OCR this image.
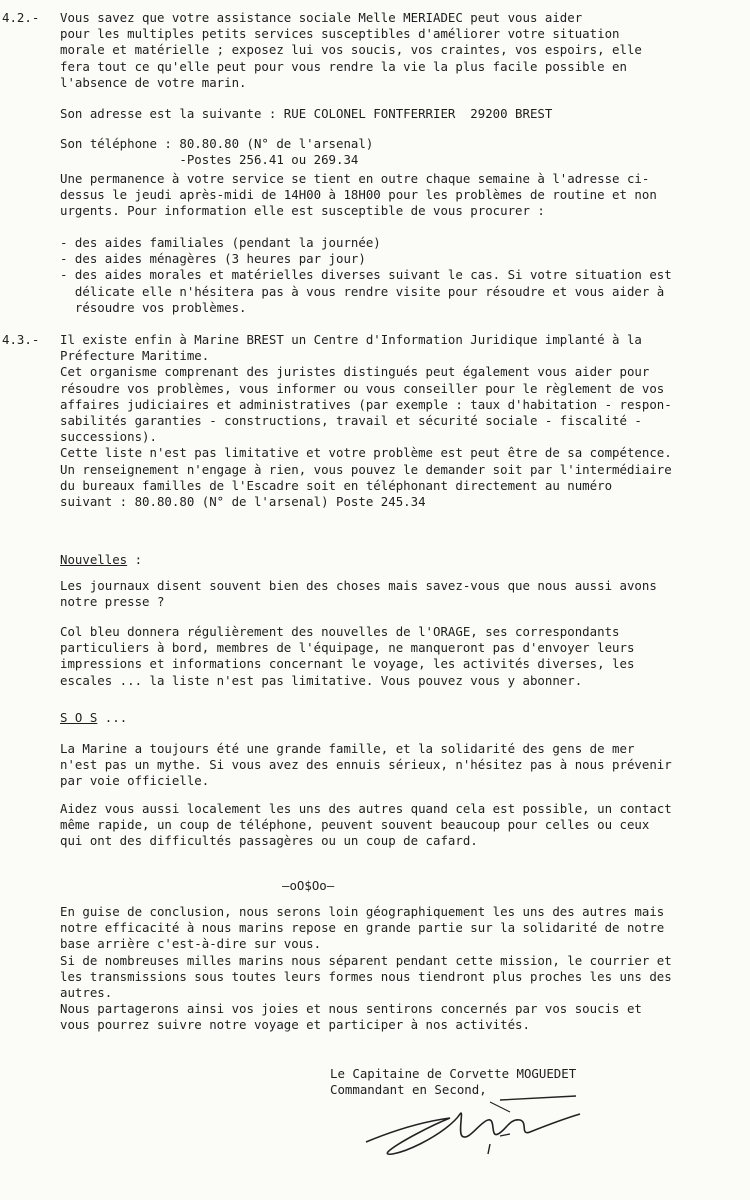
4.2.- Vous savez que votre assistance sociale Melle MERIADEC peut vous aider
pour les multiples petits services susceptibles d'améliorer votre situation
morale et matérielle ; exposez lui vos soucis, vos craintes, vos espoirs, elle
fera tout ce qu'elle peut pour vous rendre la vie la plus facile possible en
l'absence de votre marin.

Son adresse est la suivante : RUE COLONEL FONTFERRIER  29200 BREST

Son téléphone : 80.80.80 (N° de l'arsenal)

-Postes 256.41 ou 269.34

Une permanence à votre service se tient en outre chaque semaine à l'adresse ci-
dessus le jeudi après-midi de 14H00 à 18H00 pour les problèmes de routine et non
urgents. Pour information elle est susceptible de vous procurer :

- des aides familiales (pendant la journée)
- des aides ménagères (3 heures par jour)
- des aides morales et matérielles diverses suivant le cas. Si votre situation est
délicate elle n'hésitera pas à vous rendre visite pour résoudre et vous aider à
résoudre vos problèmes.

4.3.- Il existe enfin à Marine BREST un Centre d'Information Juridique implanté à la
Préfecture Maritime.
Cet organisme comprenant des juristes distingués peut également vous aider pour
résoudre vos problèmes, vous informer ou vous conseiller pour le règlement de vos
affaires judiciaires et administratives (par exemple : taux d'habitation - respon-
sabilités garanties - constructions, travail et sécurité sociale - fiscalité -
successions).
Cette liste n'est pas limitative et votre problème est peut être de sa compétence.
Un renseignement n'engage à rien, vous pouvez le demander soit par l'intermédiaire
du bureaux familles de l'Escadre soit en téléphonant directement au numéro
suivant : 80.80.80 (N° de l'arsenal) Poste 245.34

Nouvelles :

Les journaux disent souvent bien des choses mais savez-vous que nous aussi avons
notre presse ?

Col bleu donnera régulièrement des nouvelles de l'ORAGE, ses correspondants
particuliers à bord, membres de l'équipage, ne manqueront pas d'envoyer leurs
impressions et informations concernant le voyage, les activités diverses, les
escales ... la liste n'est pas limitative. Vous pouvez vous y abonner.

S O S ...

La Marine a toujours été une grande famille, et la solidarité des gens de mer
n'est pas un mythe. Si vous avez des ennuis sérieux, n'hésitez pas à nous prévenir
par voie officielle.

Aidez vous aussi localement les uns des autres quand cela est possible, un contact
même rapide, un coup de téléphone, peuvent souvent beaucoup pour celles ou ceux
qui ont des difficultés passagères ou un coup de cafard.

—oO$Oo—

En guise de conclusion, nous serons loin géographiquement les uns des autres mais
notre efficacité à nous marins repose en grande partie sur la solidarité de notre
base arrière c'est-à-dire sur vous.
Si de nombreuses milles marins nous séparent pendant cette mission, le courrier et
les transmissions sous toutes leurs formes nous tiendront plus proches les uns des
autres.
Nous partagerons ainsi vos joies et nous sentirons concernés par vos soucis et
vous pourrez suivre notre voyage et participer à nos activités.

Le Capitaine de Corvette MOGUEDET

Commandant en Second,
